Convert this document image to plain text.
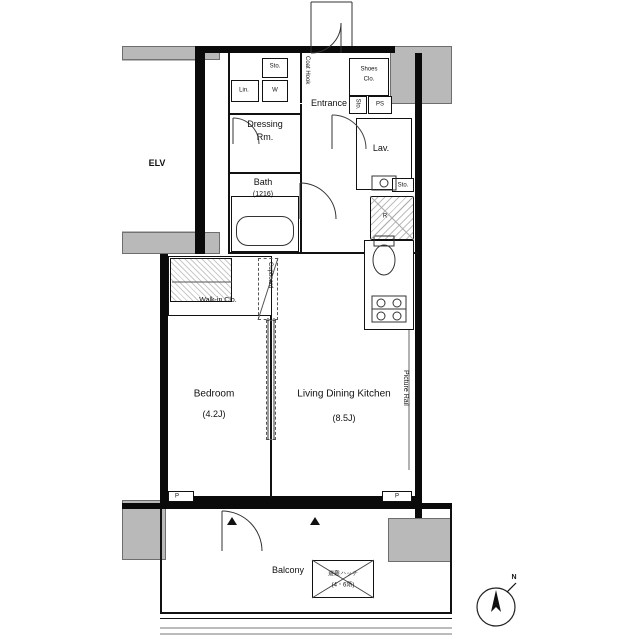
ELV
Bedroom
(4.2J)
Living Dining Kitchen
(8.5J)
Dressing
Rm.
Bath
(1216)
Entrance
Lav.
Shoes
Clo.
Sto.
Sto.
Sto.
PS
Lin.	W
R
Coat Hook
Walk-in Clo.
Cupboard
Picture Rail
Balcony	避難ハッチ
(4・6階)
P	P
N
